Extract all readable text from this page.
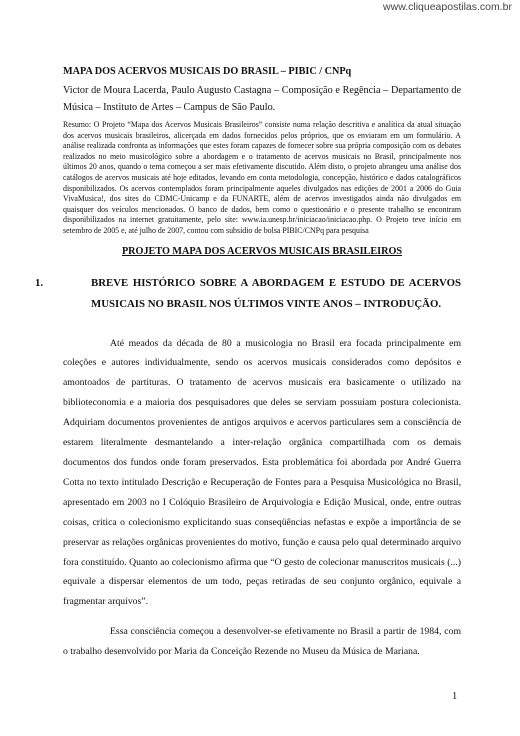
www.cliqueapostilas.com.br
MAPA DOS ACERVOS MUSICAIS DO BRASIL – PIBIC / CNPq
Victor de Moura Lacerda, Paulo Augusto Castagna – Composição e Regência – Departamento de Música – Instituto de Artes – Campus de São Paulo.
Resumo: O Projeto “Mapa dos Acervos Musicais Brasileiros” consiste numa relação descritiva e analítica da atual situação dos acervos musicais brasileiros, alicerçada em dados fornecidos pelos próprios, que os enviaram em um formulário. A análise realizada confronta as informações que estes foram capazes de fornecer sobre sua própria composição com os debates realizados no meio musicológico sobre a abordagem e o tratamento de acervos musicais no Brasil, principalmente nos últimos 20 anos, quando o tema começou a ser mais efetivamente discutido. Além disto, o projeto abrangeu uma análise dos catálogos de acervos musicais até hoje editados, levando em conta metodologia, concepção, histórico e dados catalográficos disponibilizados. Os acervos contemplados foram principalmente aqueles divulgados nas edições de 2001 a 2006 do Guia VivaMusica!, dos sites do CDMC-Unicamp e da FUNARTE, além de acervos investigados ainda não divulgados em quaisquer dos veículos mencionados. O banco de dados, bem como o questionário e o presente trabalho se encontram disponibilizados na internet gratuitamente, pelo site: www.ia.unesp.br/iniciacao/iniciacao.php. O Projeto teve início em setembro de 2005 e, até julho de 2007, contou com subsídio de bolsa PIBIC/CNPq para pesquisa
PROJETO MAPA DOS ACERVOS MUSICAIS BRASILEIROS
1.	BREVE HISTÓRICO SOBRE A ABORDAGEM E ESTUDO DE ACERVOS MUSICAIS NO BRASIL NOS ÚLTIMOS VINTE ANOS – INTRODUÇÃO.

Até meados da década de 80 a musicologia no Brasil era focada principalmente em coleções e autores individualmente, sendo os acervos musicais considerados como depósitos e amontoados de partituras. O tratamento de acervos musicais era basicamente o utilizado na biblioteconomia e a maioria dos pesquisadores que deles se serviam possuíam postura colecionista. Adquiriam documentos provenientes de antigos arquivos e acervos particulares sem a consciência de estarem literalmente desmantelando a inter-relação orgânica compartilhada com os demais documentos dos fundos onde foram preservados. Esta problemática foi abordada por André Guerra Cotta no texto intitulado Descrição e Recuperação de Fontes para a Pesquisa Musicológica no Brasil, apresentado em 2003 no I Colóquio Brasileiro de Arquivologia e Edição Musical, onde, entre outras coisas, critica o colecionismo explicitando suas conseqüências nefastas e expõe a importância de se preservar as relações orgânicas provenientes do motivo, função e causa pelo qual determinado arquivo fora constituído. Quanto ao colecionismo afirma que “O gesto de colecionar manuscritos musicais (...) equivale a dispersar elementos de um todo, peças retiradas de seu conjunto orgânico, equivale a fragmentar arquivos”.

Essa consciência começou a desenvolver-se efetivamente no Brasil a partir de 1984, com o trabalho desenvolvido por Maria da Conceição Rezende no Museu da Música de Mariana.

1
